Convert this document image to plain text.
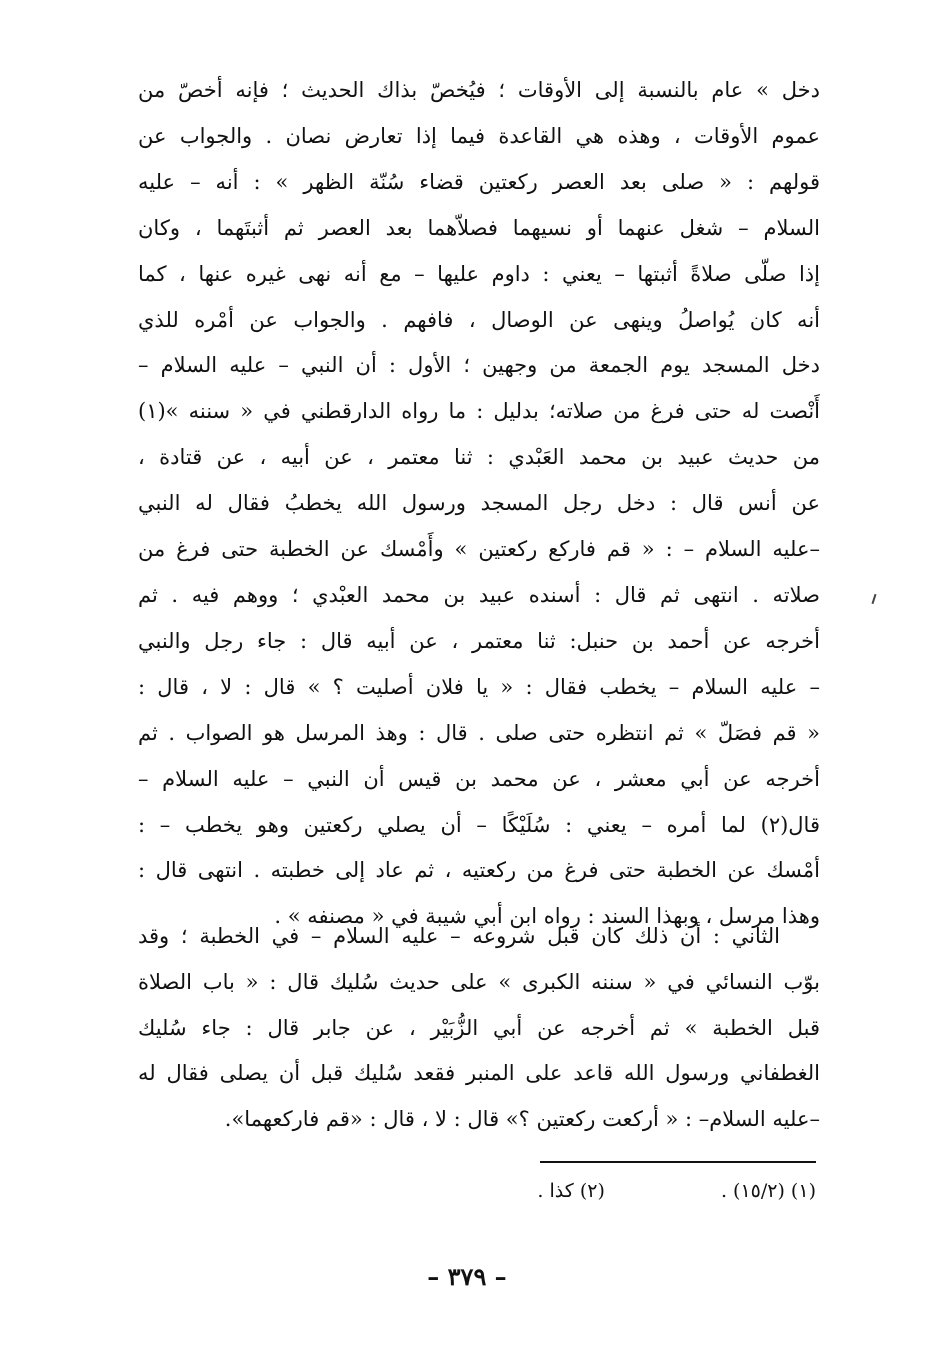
دخل » عام بالنسبة إلى الأوقات ؛ فيُخصّ بذاك الحديث ؛ فإنه أخصّ من
عموم الأوقات ، وهذه هي القاعدة فيما إذا تعارض نصان . والجواب عن
قولهم : « صلى بعد العصر ركعتين قضاء سُنّة الظهر » : أنه – عليه
السلام – شغل عنهما أو نسيهما فصلاّهما بعد العصر ثم أثبتَهما ، وكان
إذا صلّى صلاةً أثبتها – يعني : داوم عليها – مع أنه نهى غيره عنها ، كما
أنه كان يُواصلُ وينهى عن الوصال ، فافهم . والجواب عن أمْره للذي
دخل المسجد يوم الجمعة من وجهين ؛ الأول : أن النبي – عليه السلام –
أَنْصت له حتى فرغ من صلاته؛ بدليل : ما رواه الدارقطني في « سننه »(١)
من حديث عبيد بن محمد العَبْدي : ثنا معتمر ، عن أبيه ، عن قتادة ،
عن أنس قال : دخل رجل المسجد ورسول الله يخطبُ فقال له النبي
–عليه السلام – : « قم فاركع ركعتين » وأَمْسك عن الخطبة حتى فرغ من
صلاته . انتهى ثم قال : أسنده عبيد بن محمد العبْدي ؛ ووهم فيه . ثم
أخرجه عن أحمد بن حنبل: ثنا معتمر ، عن أبيه قال : جاء رجل والنبي
– عليه السلام – يخطب فقال : « يا فلان أصليت ؟ » قال : لا ، قال :
« قم فصَلّ » ثم انتظره حتى صلى . قال : وهذ المرسل هو الصواب . ثم
أخرجه عن أبي معشر ، عن محمد بن قيس أن النبي – عليه السلام –
قال(٢) لما أمره – يعني : سُلَيْكًا – أن يصلي ركعتين وهو يخطب – :
أمْسك عن الخطبة حتى فرغ من ركعتيه ، ثم عاد إلى خطبته . انتهى قال :
وهذا مرسل ، وبهذا السند : رواه ابن أبي شيبة في « مصنفه » .
الثاني : أن ذلك كان قبل شروعه – عليه السلام – في الخطبة ؛ وقد
بوّب النسائي في « سننه الكبرى » على حديث سُليك قال : « باب الصلاة
قبل الخطبة » ثم أخرجه عن أبي الزُّبَيْر ، عن جابر قال : جاء سُليك
الغطفاني ورسول الله قاعد على المنبر فقعد سُليك قبل أن يصلى فقال له
–عليه السلام– : « أركعت ركعتين ؟» قال : لا ، قال : «قم فاركعهما».
(١) (١٥/٢) . (٢) كذا .
– ٣٧٩ –
